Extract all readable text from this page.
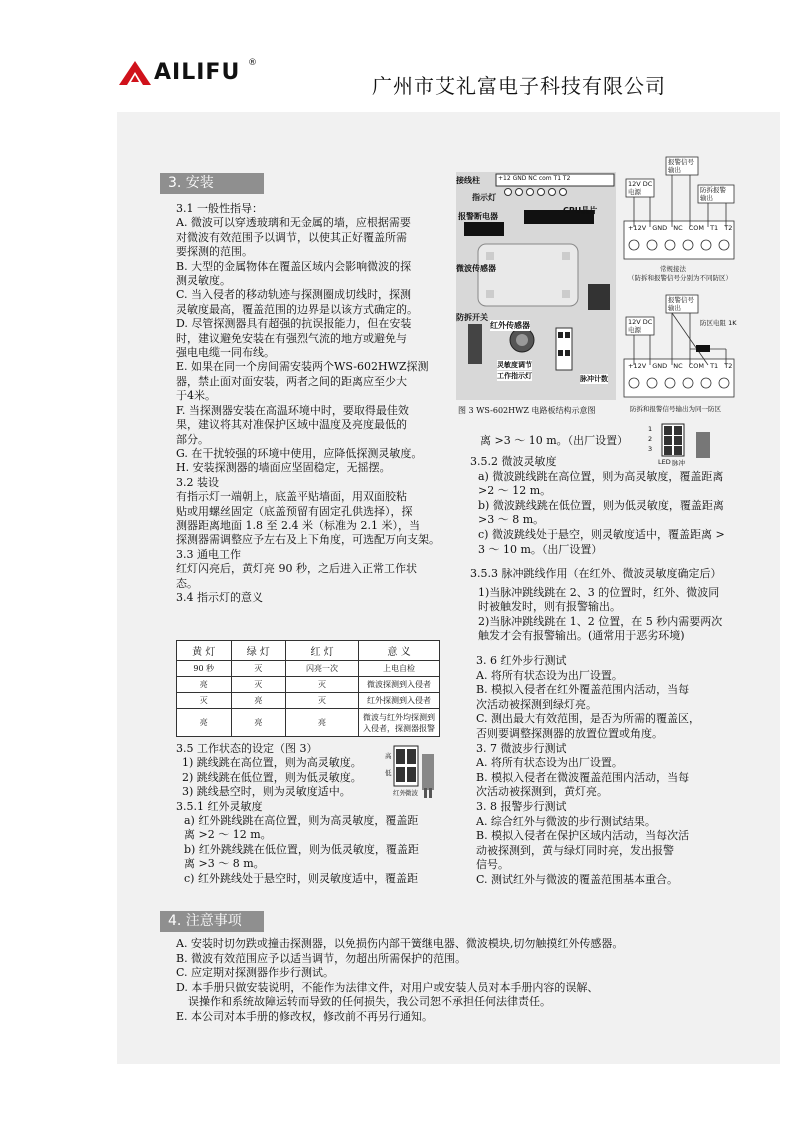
AILIFU ®
广州市艾礼富电子科技有限公司
3. 安装
3.1 一般性指导：
A. 微波可以穿透玻璃和无金属的墙，应根据需要
对微波有效范围予以调节，以使其正好覆盖所需
要探测的范围。
B. 大型的金属物体在覆盖区域内会影响微波的探
测灵敏度。
C. 当入侵者的移动轨迹与探测圈成切线时，探测
灵敏度最高，覆盖范围的边界是以该方式确定的。
D. 尽管探测器具有超强的抗误报能力，但在安装
时，建议避免安装在有强烈气流的地方或避免与
强电电缆一同布线。
E. 如果在同一个房间需安装两个WS-602HWZ探测
器，禁止面对面安装，两者之间的距离应至少大
于4米。
F. 当探测器安装在高温环境中时，要取得最佳效
果，建议将其对准保护区域中温度及亮度最低的
部分。
G. 在干扰较强的环境中使用，应降低探测灵敏度。
H. 安装探测器的墙面应坚固稳定，无摇摆。
3.2 装设
有指示灯一端朝上，底盖平贴墙面，用双面胶粘
贴或用螺丝固定（底盖预留有固定孔供选择），探
测器距离地面 1.8 至 2.4 米（标准为 2.1 米），当
探测器需调整应予左右及上下角度，可选配万向支架。
3.3 通电工作
红灯闪亮后，黄灯亮 90 秒，之后进入正常工作状
态。
3.4 指示灯的意义
黄 灯	绿 灯	红 灯	意 义
90 秒	灭	闪亮一次	上电自检
亮	灭	灭	微波探测到入侵者
灭	亮	灭	红外探测到入侵者
亮	亮	亮	微波与红外均探测到入侵者，探测器报警
3.5 工作状态的设定（图 3）
1) 跳线跳在高位置，则为高灵敏度。
2) 跳线跳在低位置，则为低灵敏度。
3) 跳线悬空时，则为灵敏度适中。
3.5.1 红外灵敏度
a) 红外跳线跳在高位置，则为高灵敏度，覆盖距
离 >2 ～ 12 m。
b) 红外跳线跳在低位置，则为低灵敏度，覆盖距
离 >3 ～ 8 m。
c) 红外跳线处于悬空时，则灵敏度适中，覆盖距
高
低
红外 微波
接线柱	+12 GND NC com T1 T2
指示灯
CPU晶片
报警断电器
微波传感器
防拆开关
红外传感器
灵敏度调节
工作指示灯	脉冲计数
图 3 WS-602HWZ 电路板结构示意图
报警信号
输出
12V DC
电源	防拆报警
输出
+12V GND NC COM T1 T2
常规接法
（防拆和报警信号分别为不同防区）
报警信号
输出
12V DC
电源
防区电阻 1K
+12V GND NC COM T1 T2
防拆和报警信号输出为同一防区
1
2
3
LED 脉冲
离 >3 ～ 10 m。（出厂设置）
3.5.2 微波灵敏度
a) 微波跳线跳在高位置，则为高灵敏度，覆盖距离
>2 ～ 12 m。
b) 微波跳线跳在低位置，则为低灵敏度，覆盖距离
>3 ～ 8 m。
c) 微波跳线处于悬空，则灵敏度适中，覆盖距离 >
3 ～ 10 m。（出厂设置）
3.5.3 脉冲跳线作用（在红外、微波灵敏度确定后）
1)当脉冲跳线跳在 2、3 的位置时，红外、微波同
时被触发时，则有报警输出。
2)当脉冲跳线跳在 1、2 位置，在 5 秒内需要两次
触发才会有报警输出。(通常用于恶劣环境)
3. 6 红外步行测试
A. 将所有状态设为出厂设置。
B. 模拟入侵者在红外覆盖范围内活动，当每
次活动被探测到绿灯亮。
C. 测出最大有效范围，是否为所需的覆盖区，
否则要调整探测器的放置位置或角度。
3. 7 微波步行测试
A. 将所有状态设为出厂设置。
B. 模拟入侵者在微波覆盖范围内活动，当每
次活动被探测到，黄灯亮。
3. 8 报警步行测试
A. 综合红外与微波的步行测试结果。
B. 模拟入侵者在保护区域内活动，当每次活
动被探测到，黄与绿灯同时亮，发出报警
信号。
C. 测试红外与微波的覆盖范围基本重合。
4. 注意事项
A. 安装时切勿跌或撞击探测器，以免损伤内部干簧继电器、微波模块,切勿触摸红外传感器。
B. 微波有效范围应予以适当调节，勿超出所需保护的范围。
C. 应定期对探测器作步行测试。
D. 本手册只做安装说明，不能作为法律文件，对用户或安装人员对本手册内容的误解、
误操作和系统故障运转而导致的任何损失，我公司恕不承担任何法律责任。
E. 本公司对本手册的修改权，修改前不再另行通知。
